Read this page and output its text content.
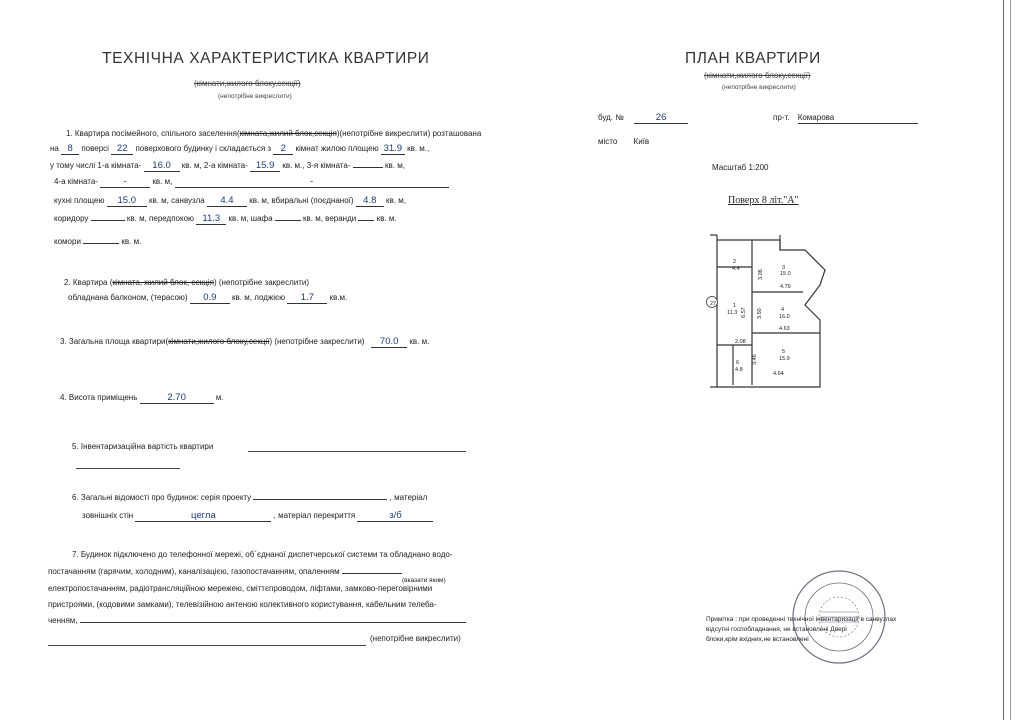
ТЕХНІЧНА ХАРАКТЕРИСТИКА КВАРТИРИ
(кімнати,жилого блоку,секції)
(непотрібне викреслити)
1. Квартира посімейного, спільного заселення(кімната,жилий блок,секція)(непотрібне викреслити) розташована
на 8 поверсі 22 поверхового будинку і складається з 2 кімнат жилою площею 31.9 кв. м.,
у тому числі 1-а кімната- 16.0 кв. м, 2-а кімната- 15.9 кв. м., 3-я кімната-	кв. м,
4-а кімната-	-	кв. м,	-
кухні площею 15.0 кв. м, санвузла 4.4 кв. м, вбиральні (поєднаної) 4.8 кв. м,
коридору	кв. м, передпокою 11.3 кв. м, шафа	кв. м, веранди	кв. м.
комори	кв. м.
2. Квартира (кімната, жилий блок, секція) (непотрібне закреслити)
обладнана балконом, (терасою) 0.9 кв. м, лоджією 1.7 кв.м.
3. Загальна площа квартири(кімнати,жилого блоку,секції) (непотрібне закреслити) 70.0 кв. м.
4. Висота приміщень	2.70	м.
5. Інвентаризаційна вартість квартири
6. Загальні відомості про будинок: серія проекту	, матеріал
зовнішніх стін	цегла	, матеріал перекриття	з/б
7. Будинок підключено до телефонної мережі, об`єднаної диспетчерської системи та обладнано водо-
постачанням (гарячим, холодним), каналізацією, газопостачанням, опаленням
(вказати яким)
електропостачанням, радіотрансляційною мережею, сміттєпроводом, ліфтами, замково-переговірними
пристроями, (кодовими замками), телевізійною антеною колективного користування, кабельним телеба-
ченням,
(непотрібне викреслити)
ПЛАН КВАРТИРИ
(кімнати,жилого блоку,секції)
(непотрібне викреслити)
буд. №	26	пр-т. Комарова
місто Київ
Масштаб 1:200
Поверх 8 літ."А"
27
2
4.4	3
15.0
3.06
4.79
1
11.3 6.57 3.50	4
16.0
4.63
2.08
3.46
6
4.8
5
15.9
4.64
Примітка : при проведенні технічної інвентаризації в санвузлах
відсутні госпобладнання, не встановлені Двері
блоки,крім вхідних,не встановлені
